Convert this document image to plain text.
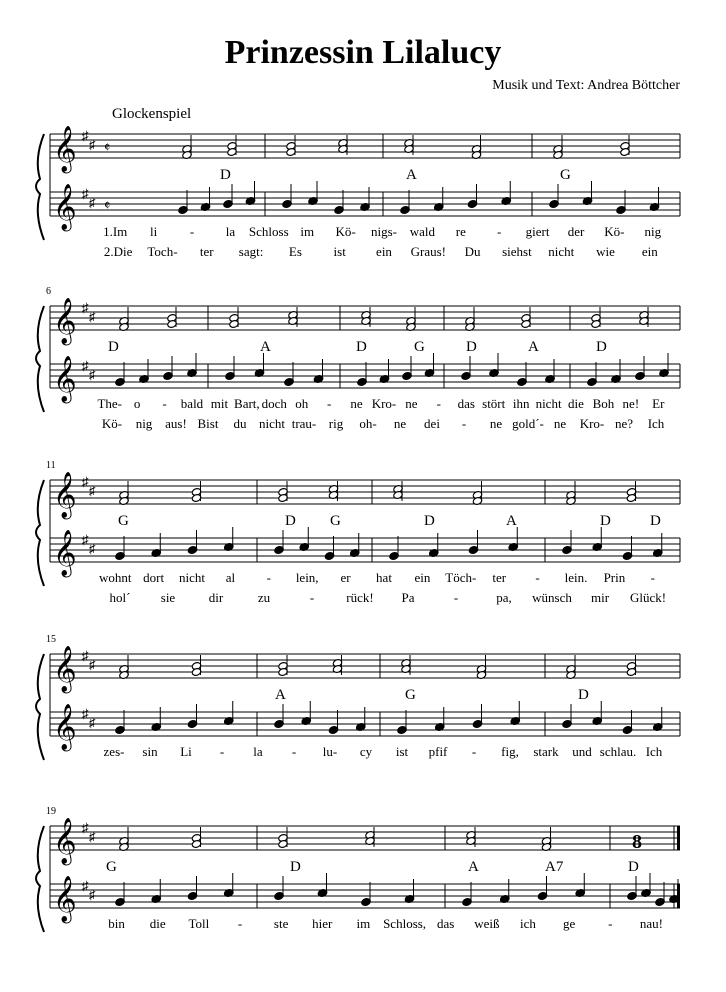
Prinzessin Lilalucy
Musik und Text: Andrea Böttcher
Glockenspiel
𝄞 ♯
♯
𝄞 ♯
♯
𝄵
𝄵
D	A	G
1.Im li	- la Schloss im Kö- nigs- wald re - giert der Kö- nig
2.Die Toch- ter sagt: Es ist ein Graus! Du siehst nicht wie ein
𝄞 ♯
♯
𝄞 ♯
♯
6
D	A	D	G	D	A	D
The- o - bald mit Bart, doch oh - ne Kro- ne - das stört ihn nicht die Boh ne! Er
Kö- nig aus! Bist du nicht trau- rig oh- ne dei - ne gold´- ne Kro- ne? Ich
𝄞 ♯
♯
𝄞 ♯
♯
11
G	D G	D	A	D	D
wohnt dort nicht al - lein, er hat ein Töch- ter - lein. Prin -
hol´ sie	dir	zu	- rück! Pa	-	pa, wünsch mir Glück!
𝄞 ♯
♯
𝄞 ♯
♯
15
A	G	D
zes- sin Li - la - lu- cy ist pfif - fig, stark und schlau. Ich
𝄞 ♯
♯
𝄞 ♯
♯
19
8
G	D	A	A7	D
bin die Toll - ste hier im Schloss, das weiß ich ge	- nau!
